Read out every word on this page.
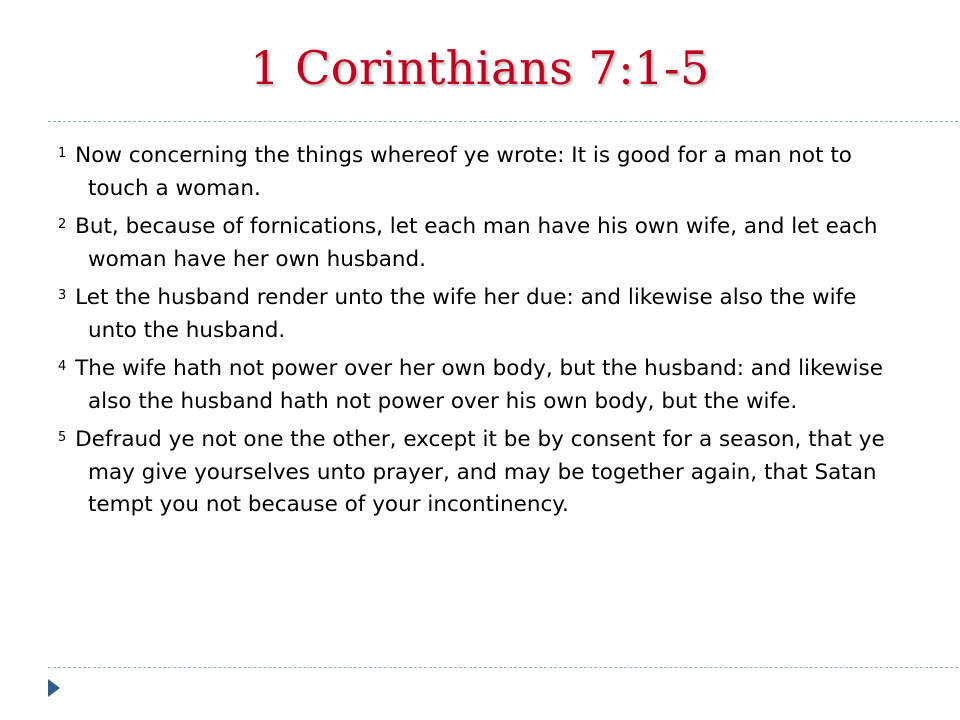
1 Corinthians 7:1-5

$^1$ Now concerning the things whereof ye wrote: It is good for a man not to touch a woman.

$^2$ But, because of fornications, let each man have his own wife, and let each woman have her own husband.

$^3$ Let the husband render unto the wife her due: and likewise also the wife unto the husband.

$^4$ The wife hath not power over her own body, but the husband: and likewise also the husband hath not power over his own body, but the wife.

$^5$ Defraud ye not one the other, except it be by consent for a season, that ye may give yourselves unto prayer, and may be together again, that Satan tempt you not because of your incontinency.
